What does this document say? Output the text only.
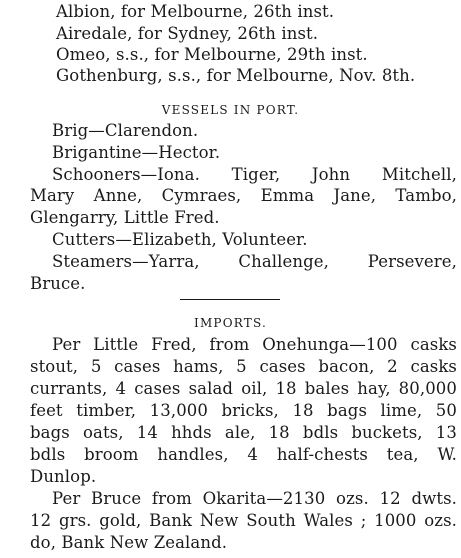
Albion, for Melbourne, 26th inst.
Airedale, for Sydney, 26th inst.
Omeo, s.s., for Melbourne, 29th inst.
Gothenburg, s.s., for Melbourne, Nov. 8th.
VESSELS IN PORT.
Brig—Clarendon.
Brigantine—Hector.
Schooners—Iona. Tiger, John Mitchell,
Mary Anne, Cymraes, Emma Jane, Tambo,
Glengarry, Little Fred.
Cutters—Elizabeth, Volunteer.
Steamers—Yarra, Challenge, Persevere,
Bruce.
IMPORTS.
Per Little Fred, from Onehunga—100 casks
stout, 5 cases hams, 5 cases bacon, 2 casks
currants, 4 cases salad oil, 18 bales hay, 80,000
feet timber, 13,000 bricks, 18 bags lime, 50
bags oats, 14 hhds ale, 18 bdls buckets, 13
bdls broom handles, 4 half-chests tea, W.
Dunlop.
Per Bruce from Okarita—2130 ozs. 12 dwts.
12 grs. gold, Bank New South Wales ; 1000 ozs.
do, Bank New Zealand.
